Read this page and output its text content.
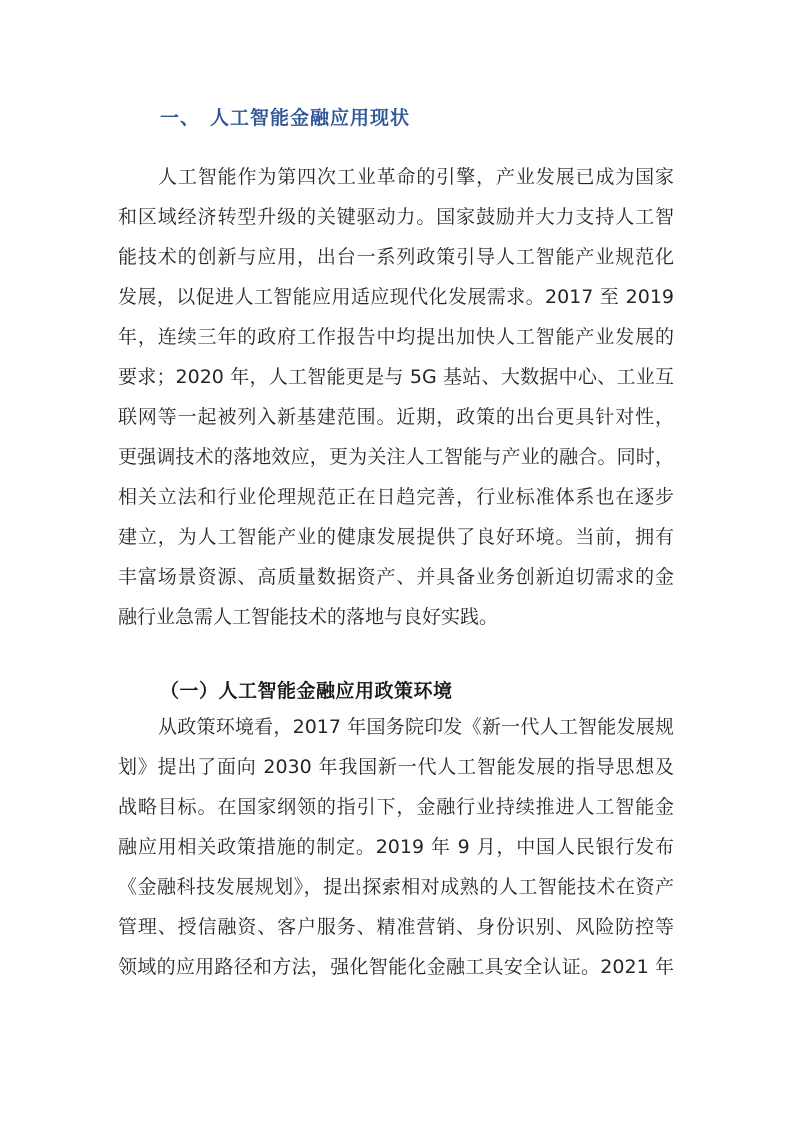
一、 人工智能金融应用现状
人工智能作为第四次工业革命的引擎，产业发展已成为国家
和区域经济转型升级的关键驱动力。国家鼓励并大力支持人工智
能技术的创新与应用，出台一系列政策引导人工智能产业规范化
发展，以促进人工智能应用适应现代化发展需求。2017 至 2019
年，连续三年的政府工作报告中均提出加快人工智能产业发展的
要求；2020 年，人工智能更是与 5G 基站、大数据中心、工业互
联网等一起被列入新基建范围。近期，政策的出台更具针对性，
更强调技术的落地效应，更为关注人工智能与产业的融合。同时，
相关立法和行业伦理规范正在日趋完善，行业标准体系也在逐步
建立，为人工智能产业的健康发展提供了良好环境。当前，拥有
丰富场景资源、高质量数据资产、并具备业务创新迫切需求的金
融行业急需人工智能技术的落地与良好实践。
（一）人工智能金融应用政策环境
从政策环境看，2017 年国务院印发《新一代人工智能发展规
划》提出了面向 2030 年我国新一代人工智能发展的指导思想及
战略目标。在国家纲领的指引下，金融行业持续推进人工智能金
融应用相关政策措施的制定。2019 年 9 月，中国人民银行发布
《金融科技发展规划》，提出探索相对成熟的人工智能技术在资产
管理、授信融资、客户服务、精准营销、身份识别、风险防控等
领域的应用路径和方法，强化智能化金融工具安全认证。2021 年
